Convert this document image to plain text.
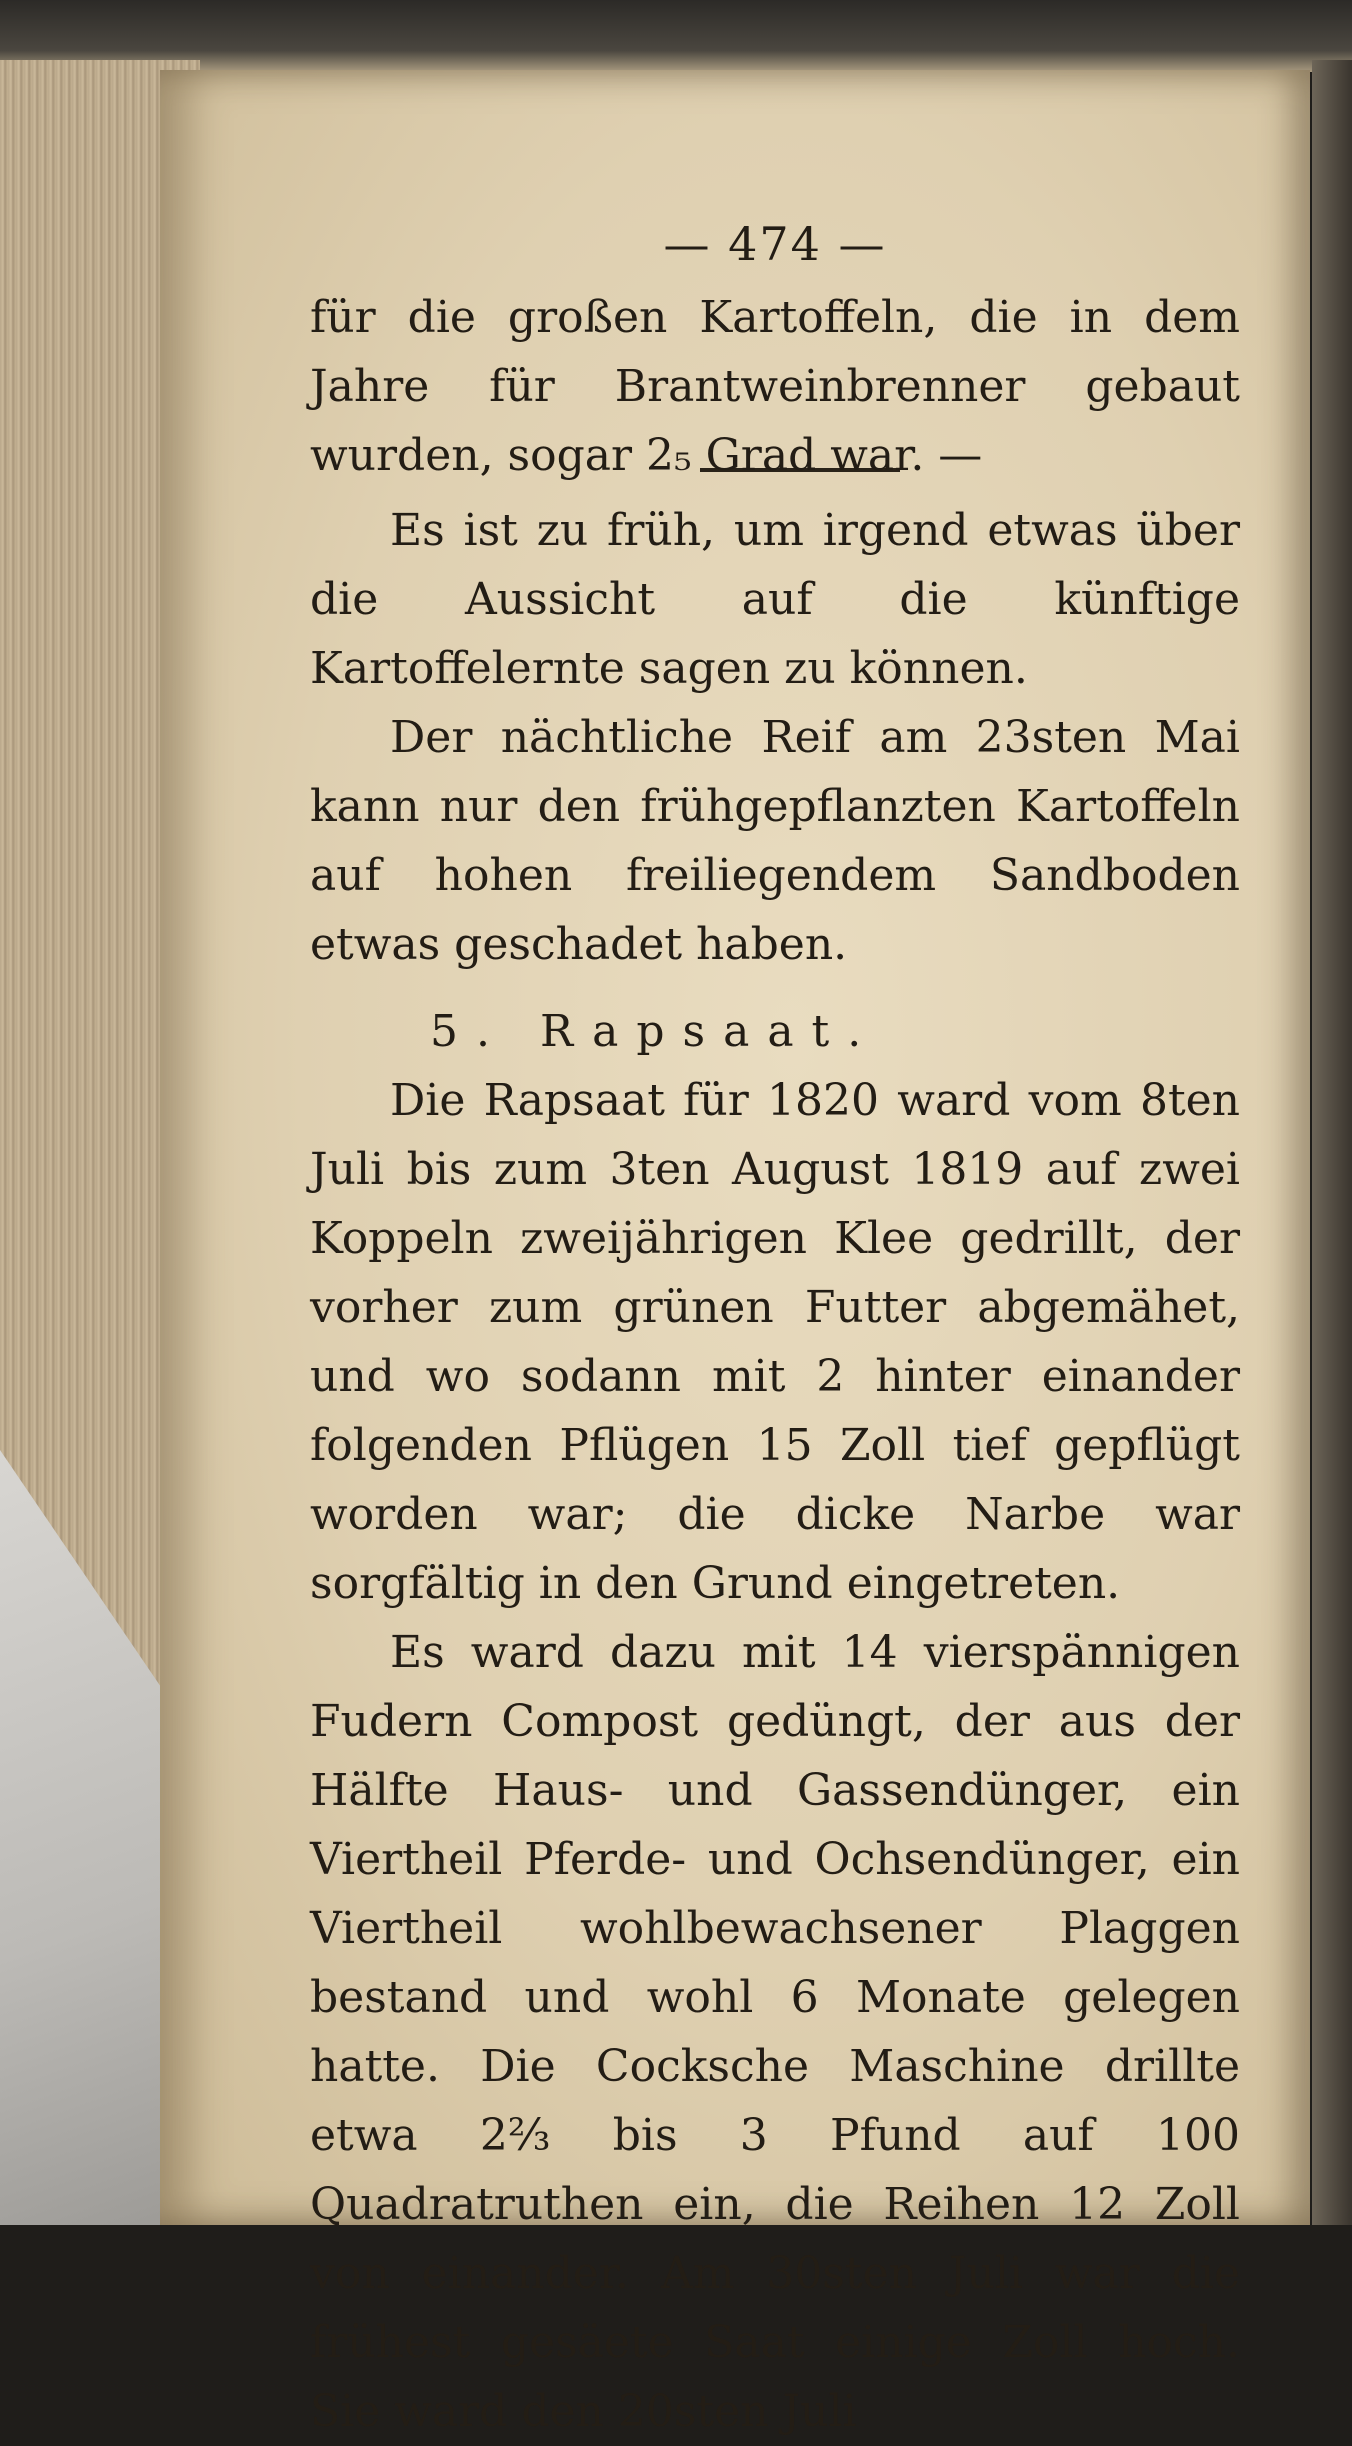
— 474 —

für die großen Kartoffeln, die in dem Jahre für Brantweinbrenner gebaut wurden, sogar 2₅ Grad war. —

Es ist zu früh, um irgend etwas über die Aussicht auf die künftige Kartoffelernte sagen zu können.

Der nächtliche Reif am 23sten Mai kann nur den frühgepflanzten Kartoffeln auf hohen freiliegendem Sandboden etwas geschadet haben.

5. Rapsaat.

Die Rapsaat für 1820 ward vom 8ten Juli bis zum 3ten August 1819 auf zwei Koppeln zweijährigen Klee gedrillt, der vorher zum grünen Futter abgemähet, und wo sodann mit 2 hinter einander folgenden Pflügen 15 Zoll tief gepflügt worden war; die dicke Narbe war sorgfältig in den Grund eingetreten.

Es ward dazu mit 14 vierspännigen Fudern Compost gedüngt, der aus der Hälfte Haus- und Gassendünger, ein Viertheil Pferde- und Ochsendünger, ein Viertheil wohlbewachsener Plaggen bestand und wohl 6 Monate gelegen hatte. Die Cocksche Maschine drillte etwa 2⅔ bis 3 Pfund auf 100 Quadratruthen ein, die Reihen 12 Zoll von einander. Am 30sten Juli war die frühest gesäete Saat einige Zoll hoch. Sie ward den 20sten Juli
